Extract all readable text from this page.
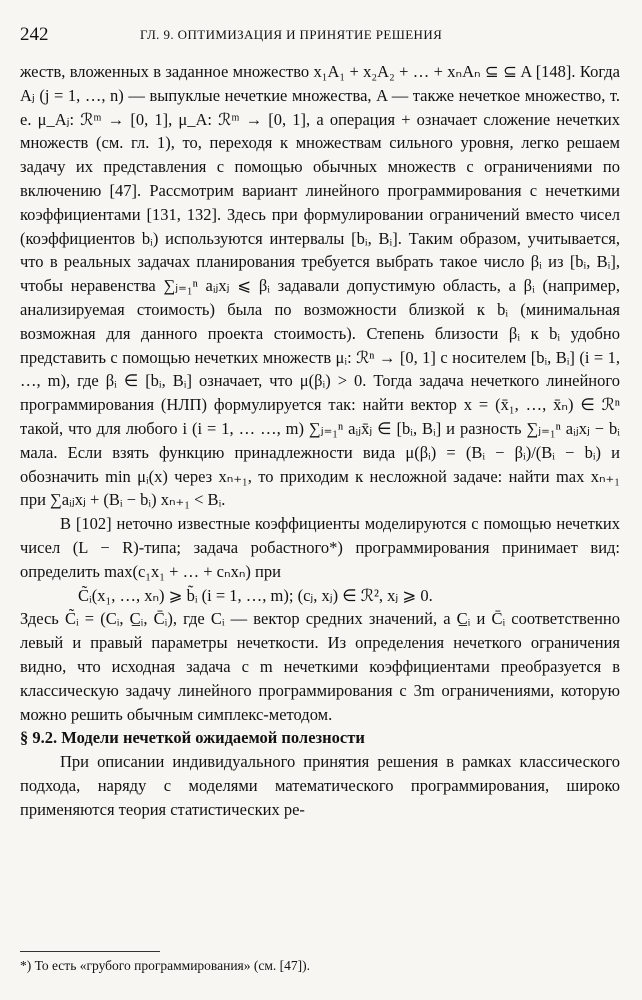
242	ГЛ. 9. ОПТИМИЗАЦИЯ И ПРИНЯТИЕ РЕШЕНИЯ

жеств, вложенных в заданное множество x₁A₁ + x₂A₂ + … + xₙAₙ ⊆ ⊆ A [148]. Когда Aⱼ (j = 1, …, n) — выпуклые нечеткие множества, A — также нечеткое множество, т. е. μ_Aⱼ: ℛᵐ → [0, 1], μ_A: ℛᵐ → [0, 1], а операция + означает сложение нечетких множеств (см. гл. 1), то, переходя к множествам сильного уровня, легко решаем задачу их представления с помощью обычных множеств с ограничениями по включению [47]. Рассмотрим вариант линейного программирования с нечеткими коэффициентами [131, 132]. Здесь при формулировании ограничений вместо чисел (коэффициентов bᵢ) используются интервалы [bᵢ, Bᵢ]. Таким образом, учитывается, что в реальных задачах планирования требуется выбрать такое число βᵢ из [bᵢ, Bᵢ], чтобы неравенства ∑ⱼ₌₁ⁿ aᵢⱼxⱼ ⩽ βᵢ задавали допустимую область, а βᵢ (например, анализируемая стоимость) была по возможности близкой к bᵢ (минимальная возможная для данного проекта стоимость). Степень близости βᵢ к bᵢ удобно представить с помощью нечетких множеств μᵢ: ℛⁿ → [0, 1] с носителем [bᵢ, Bᵢ] (i = 1, …, m), где βᵢ ∈ [bᵢ, Bᵢ] означает, что μ(βᵢ) > 0. Тогда задача нечеткого линейного программирования (НЛП) формулируется так: найти вектор x = (x̄₁, …, x̄ₙ) ∈ ℛⁿ такой, что для любого i (i = 1, … …, m) ∑ⱼ₌₁ⁿ aᵢⱼx̄ⱼ ∈ [bᵢ, Bᵢ] и разность ∑ⱼ₌₁ⁿ aᵢⱼxⱼ − bᵢ мала. Если взять функцию принадлежности вида μ(βᵢ) = (Bᵢ − βᵢ)/(Bᵢ − bᵢ) и обозначить min μᵢ(x) через xₙ₊₁, то приходим к несложной задаче: найти max xₙ₊₁ при ∑aᵢⱼxⱼ + (Bᵢ − bᵢ) xₙ₊₁ < Bᵢ.

В [102] неточно известные коэффициенты моделируются с помощью нечетких чисел (L − R)-типа; задача робастного*) программирования принимает вид: определить max(c₁x₁ + … + cₙxₙ) при

C̃ᵢ(x₁, …, xₙ) ⩾ b̃ᵢ (i = 1, …, m); (cⱼ, xⱼ) ∈ ℛ², xⱼ ⩾ 0.

Здесь C̃ᵢ = (Cᵢ, C̲ᵢ, C̄ᵢ), где Cᵢ — вектор средних значений, а C̲ᵢ и C̄ᵢ соответственно левый и правый параметры нечеткости. Из определения нечеткого ограничения видно, что исходная задача с m нечеткими коэффициентами преобразуется в классическую задачу линейного программирования с 3m ограничениями, которую можно решить обычным симплекс-методом.

§ 9.2. Модели нечеткой ожидаемой полезности

При описании индивидуального принятия решения в рамках классического подхода, наряду с моделями математического программирования, широко применяются теория статистических ре-

*) То есть «грубого программирования» (см. [47]).
